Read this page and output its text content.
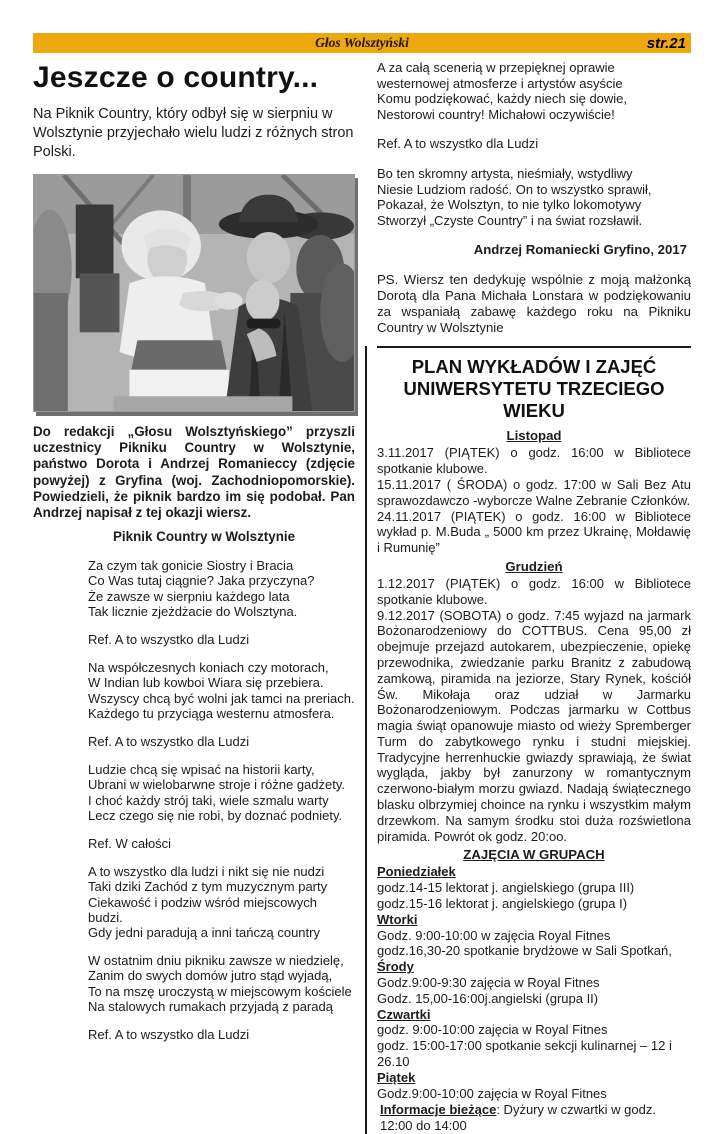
Głos Wolsztyński	str.21
Jeszcze o country...

Na Piknik Country, który odbył się w sierpniu w Wolsztynie przyjechało wielu ludzi z różnych stron Polski.

Do redakcji „Głosu Wolsztyńskiego” przyszli uczestnicy Pikniku Country w Wolsztynie, państwo Dorota i Andrzej Romanieccy (zdjęcie powyżej) z Gryfina (woj. Zachodniopomorskie). Powiedzieli, że piknik bardzo im się podobał. Pan Andrzej napisał z tej okazji wiersz.

Piknik Country w Wolsztynie

Za czym tak gonicie Siostry i Bracia
Co Was tutaj ciągnie? Jaka przyczyna?
Że zawsze w sierpniu każdego lata
Tak licznie zjeżdżacie do Wolsztyna.
Ref. A to wszystko dla Ludzi
Na współczesnych koniach czy motorach,
W Indian lub kowboi Wiara się przebiera.
Wszyscy chcą być wolni jak tamci na preriach.
Każdego tu przyciąga westernu atmosfera.
Ref. A to wszystko dla Ludzi
Ludzie chcą się wpisać na historii karty,
Ubrani w wielobarwne stroje i różne gadżety.
I choć każdy strój taki, wiele szmalu warty
Lecz czego się nie robi, by doznać podniety.
Ref. W całości
A to wszystko dla ludzi i nikt się nie nudzi
Taki dziki Zachód z tym muzycznym party
Ciekawość i podziw wśród miejscowych budzi.
Gdy jedni paradują a inni tańczą country
W ostatnim dniu pikniku zawsze w niedzielę,
Zanim do swych domów jutro stąd wyjadą,
To na mszę uroczystą w miejscowym kościele
Na stalowych rumakach przyjadą z paradą
Ref. A to wszystko dla Ludzi
A za całą scenerią w przepięknej oprawie
westernowej atmosferze i artystów asyście
Komu podziękować, każdy niech się dowie,
Nestorowi country! Michałowi oczywiście!
Ref. A to wszystko dla Ludzi
Bo ten skromny artysta, nieśmiały, wstydliwy
Niesie Ludziom radość. On to wszystko sprawił,
Pokazał, że Wolsztyn, to nie tylko lokomotywy
Stworzył „Czyste Country” i na świat rozsławił.
Andrzej Romaniecki Gryfino, 2017

PS. Wiersz ten dedykuję wspólnie z moją małżonką Dorotą dla Pana Michała Lonstara w podziękowaniu za wspaniałą zabawę każdego roku na Pikniku Country w Wolsztynie

PLAN WYKŁADÓW I ZAJĘĆ UNIWERSYTETU TRZECIEGO WIEKU

Listopad

3.11.2017 (PIĄTEK) o godz. 16:00 w Bibliotece spotkanie klubowe.

15.11.2017 ( ŚRODA) o godz. 17:00 w Sali Bez Atu sprawozdawczo -wyborcze Walne Zebranie Członków.

24.11.2017 (PIĄTEK) o godz. 16:00 w Bibliotece wykład p. M.Buda „ 5000 km przez Ukrainę, Mołdawię i Rumunię”

Grudzień

1.12.2017 (PIĄTEK) o godz. 16:00 w Bibliotece spotkanie klubowe.

9.12.2017 (SOBOTA) o godz. 7:45 wyjazd na jarmark Bożonarodzeniowy do COTTBUS. Cena 95,00 zł obejmuje przejazd autokarem, ubezpieczenie, opiekę przewodnika, zwiedzanie parku Branitz z zabudową zamkową, piramida na jeziorze, Stary Rynek, kościół Św. Mikołaja oraz udział w Jarmarku Bożonarodzeniowym. Podczas jarmarku w Cottbus magia świąt opanowuje miasto od wieży Spremberger Turm do zabytkowego rynku i studni miejskiej. Tradycyjne herrenhuckie gwiazdy sprawiają, że świat wygląda, jakby był zanurzony w romantycznym czerwono-białym morzu gwiazd. Nadają świątecznego blasku olbrzymiej choince na rynku i wszystkim małym drzewkom. Na samym środku stoi duża rozświetlona piramida. Powrót ok godz. 20:oo.

ZAJĘCIA W GRUPACH

Poniedziałek

godz.14-15 lektorat j. angielskiego (grupa III)

godz.15-16 lektorat j. angielskiego (grupa I)

Wtorki

Godz. 9:00-10:00 w zajęcia Royal Fitnes

godz.16,30-20 spotkanie brydżowe w Sali Spotkań,

Środy

Godz.9:00-9:30 zajęcia w Royal Fitnes

Godz. 15,00-16:00j.angielski (grupa II)

Czwartki

godz. 9:00-10:00 zajęcia w Royal Fitnes

godz. 15:00-17:00 spotkanie sekcji kulinarnej – 12 i 26.10

Piątek

Godz.9:00-10:00 zajęcia w Royal Fitnes

Informacje bieżące: Dyżury w czwartki w godz. 12:00 do 14:00
